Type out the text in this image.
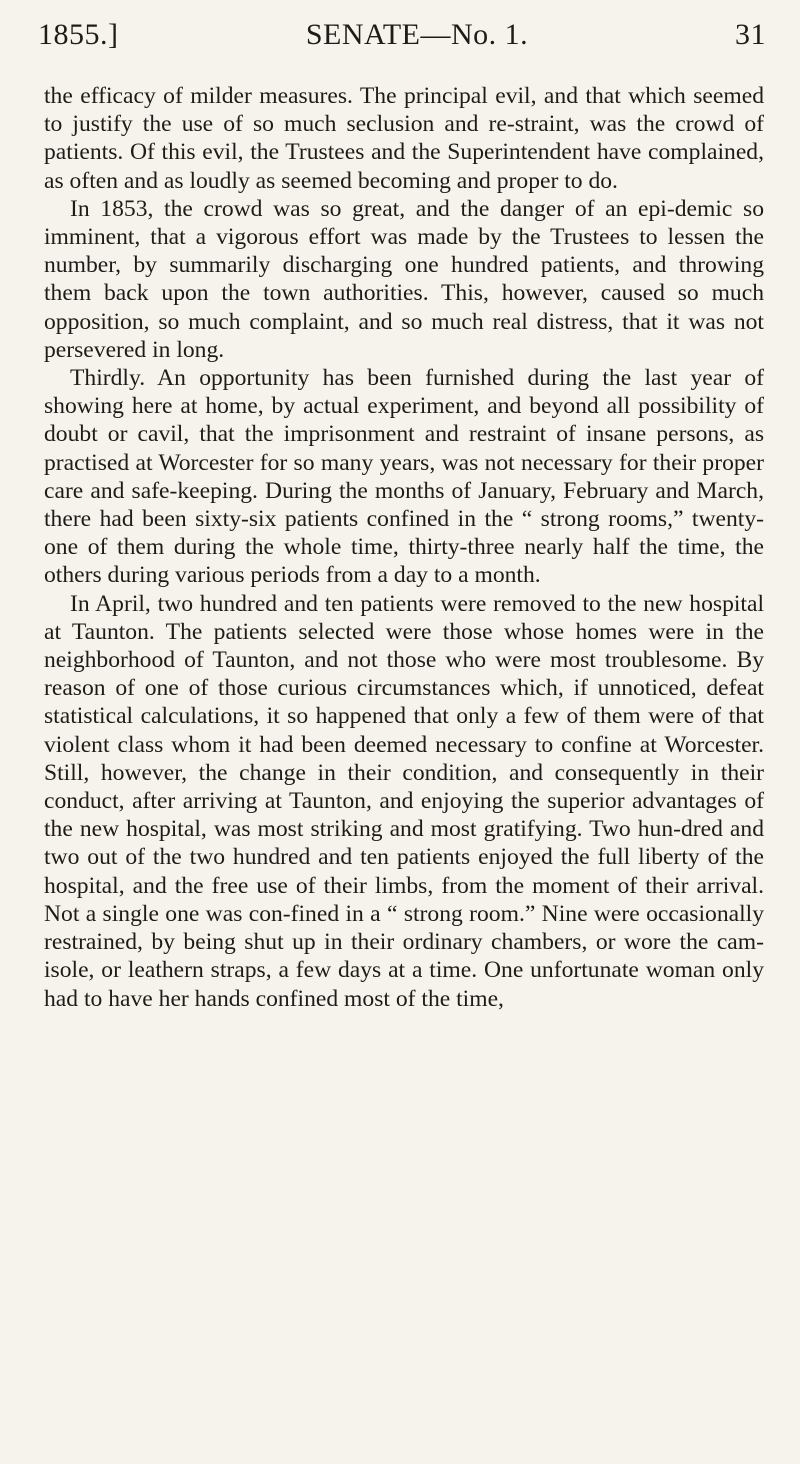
1855.]	SENATE—No. 1.	31

the efficacy of milder measures. The principal evil, and that which seemed to justify the use of so much seclusion and re-straint, was the crowd of patients. Of this evil, the Trustees and the Superintendent have complained, as often and as loudly as seemed becoming and proper to do.

In 1853, the crowd was so great, and the danger of an epi-demic so imminent, that a vigorous effort was made by the Trustees to lessen the number, by summarily discharging one hundred patients, and throwing them back upon the town authorities. This, however, caused so much opposition, so much complaint, and so much real distress, that it was not persevered in long.

Thirdly. An opportunity has been furnished during the last year of showing here at home, by actual experiment, and beyond all possibility of doubt or cavil, that the imprisonment and restraint of insane persons, as practised at Worcester for so many years, was not necessary for their proper care and safe-keeping. During the months of January, February and March, there had been sixty-six patients confined in the “ strong rooms,” twenty-one of them during the whole time, thirty-three nearly half the time, the others during various periods from a day to a month.

In April, two hundred and ten patients were removed to the new hospital at Taunton. The patients selected were those whose homes were in the neighborhood of Taunton, and not those who were most troublesome. By reason of one of those curious circumstances which, if unnoticed, defeat statistical calculations, it so happened that only a few of them were of that violent class whom it had been deemed necessary to confine at Worcester. Still, however, the change in their condition, and consequently in their conduct, after arriving at Taunton, and enjoying the superior advantages of the new hospital, was most striking and most gratifying. Two hun-dred and two out of the two hundred and ten patients enjoyed the full liberty of the hospital, and the free use of their limbs, from the moment of their arrival. Not a single one was con-fined in a “ strong room.” Nine were occasionally restrained, by being shut up in their ordinary chambers, or wore the cam-isole, or leathern straps, a few days at a time. One unfortunate woman only had to have her hands confined most of the time,
